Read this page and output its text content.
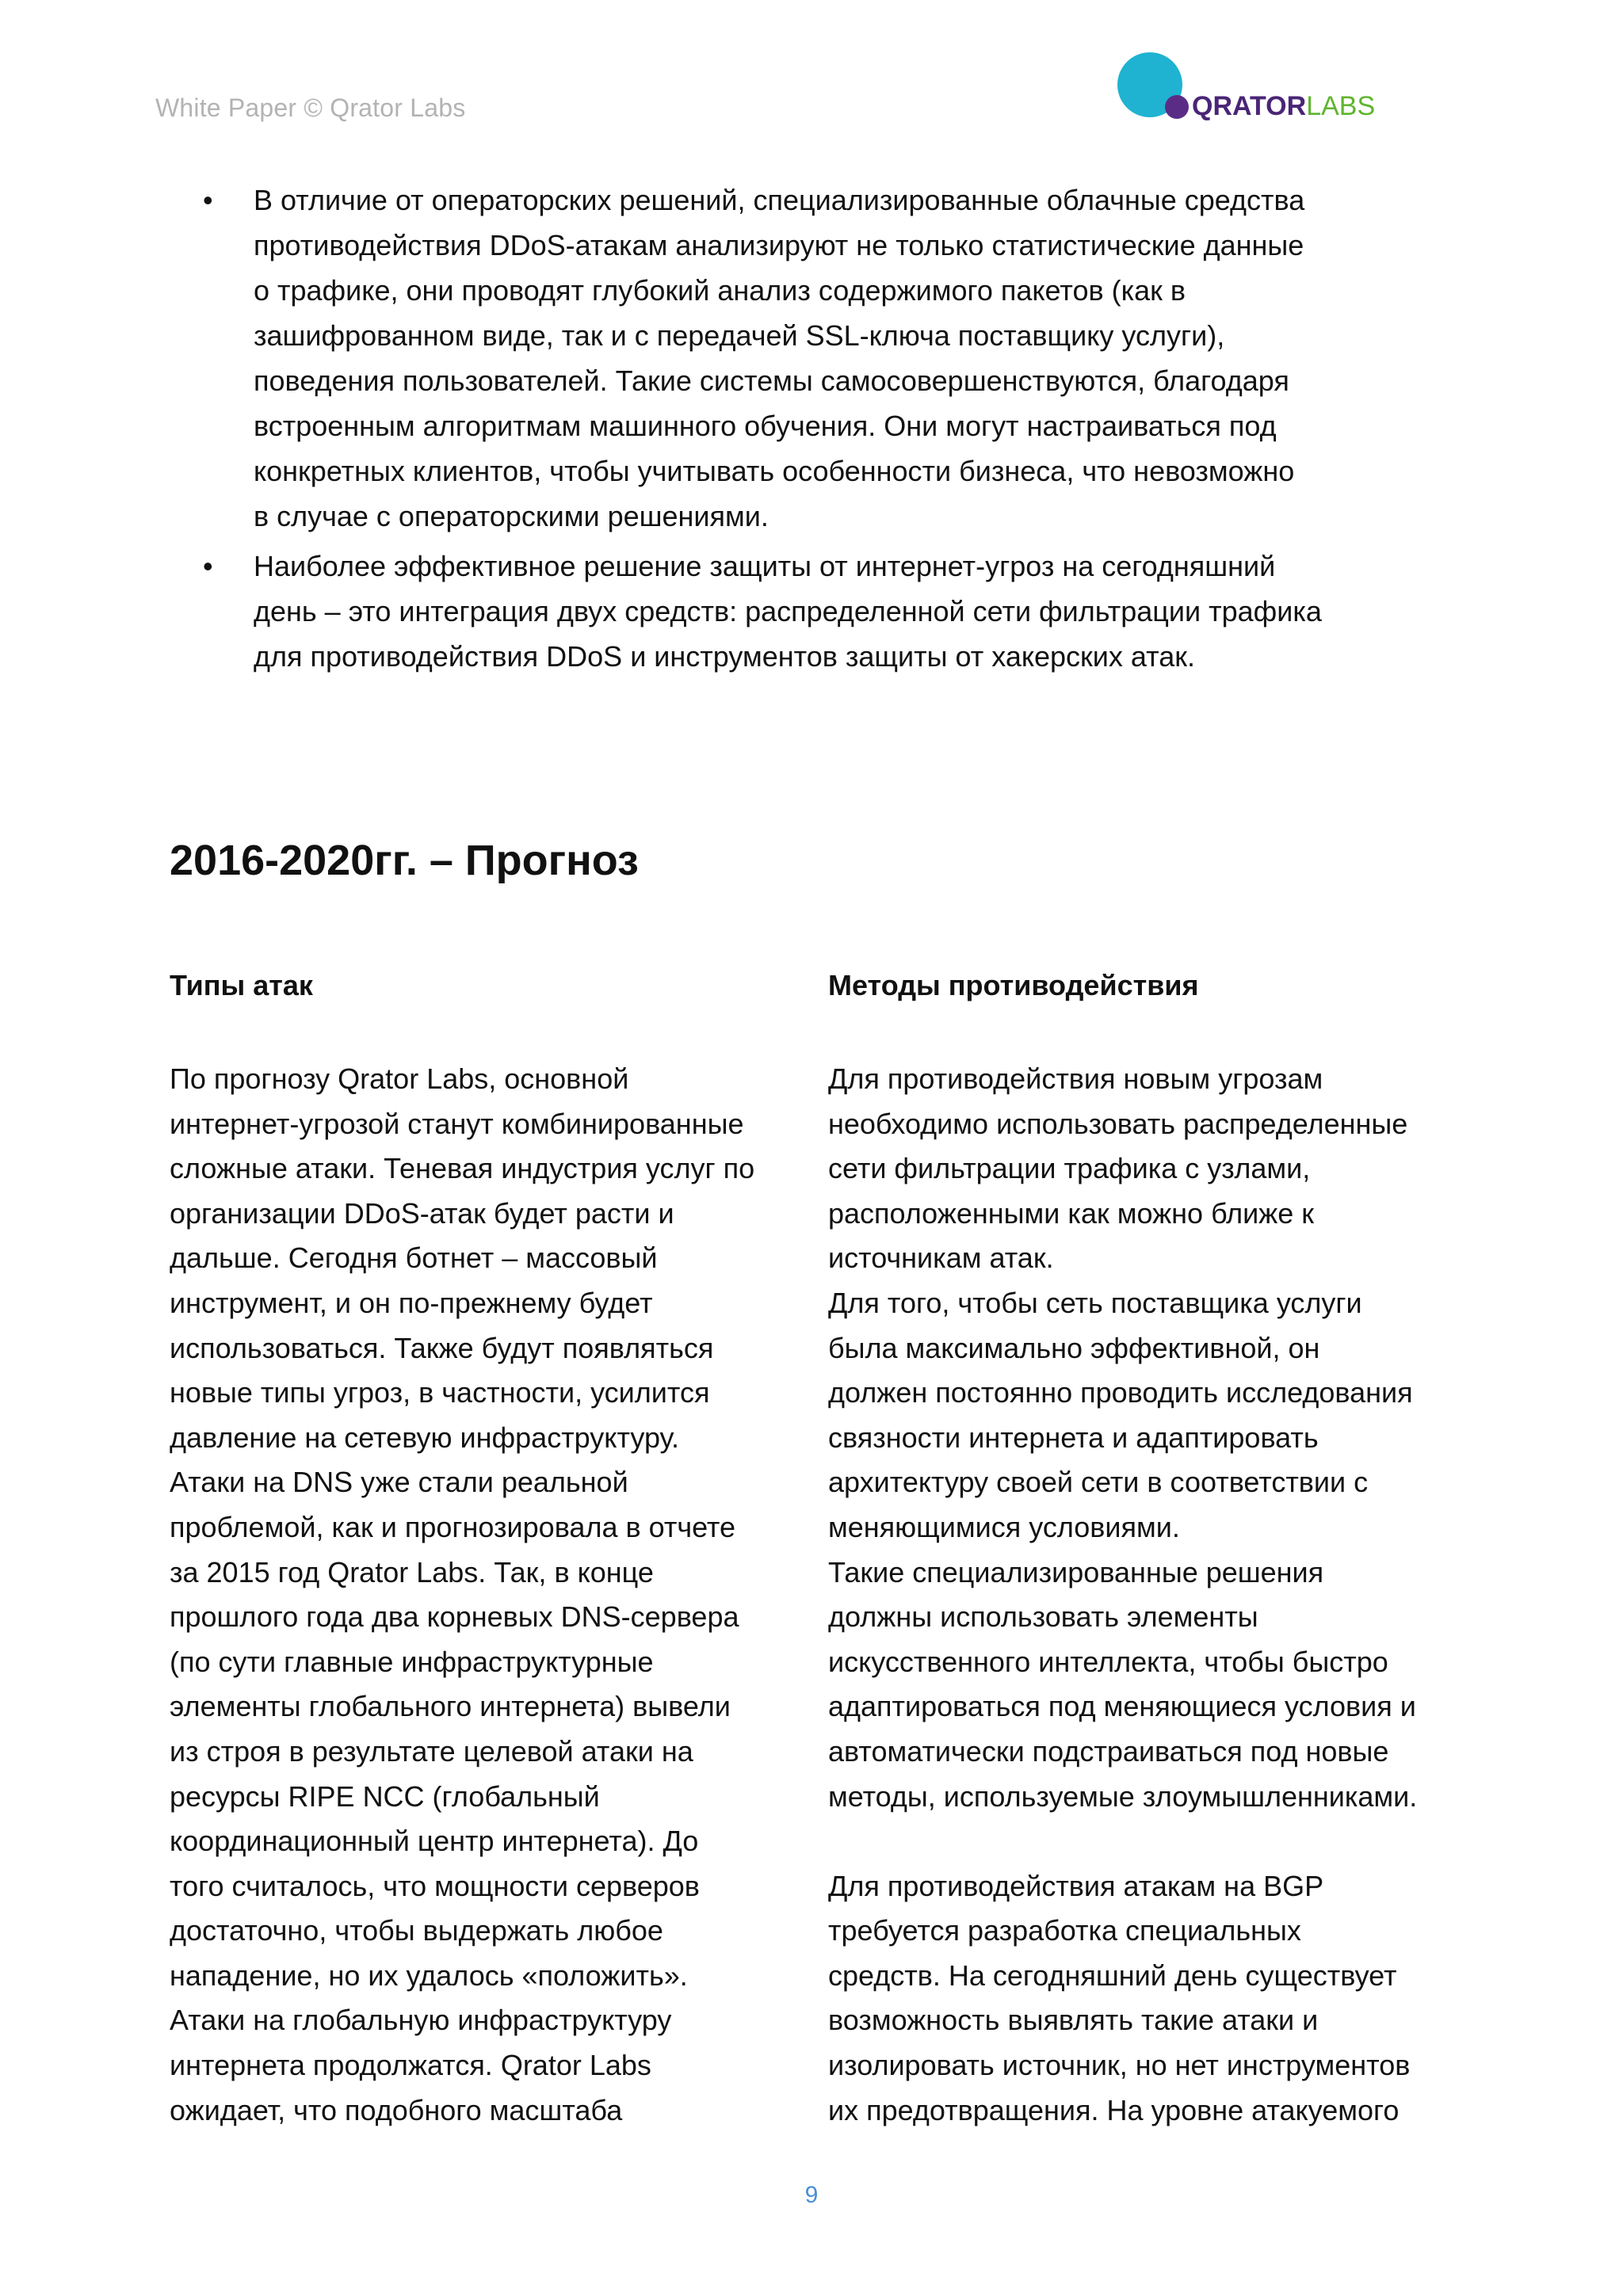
White Paper © Qrator Labs	QRATORLABS
• В отличие от операторских решений, специализированные облачные средства
противодействия DDoS-атакам анализируют не только статистические данные
о трафике, они проводят глубокий анализ содержимого пакетов (как в
зашифрованном виде, так и с передачей SSL-ключа поставщику услуги),
поведения пользователей. Такие системы самосовершенствуются, благодаря
встроенным алгоритмам машинного обучения. Они могут настраиваться под
конкретных клиентов, чтобы учитывать особенности бизнеса, что невозможно
в случае с операторскими решениями.
• Наиболее эффективное решение защиты от интернет-угроз на сегодняшний
день – это интеграция двух средств: распределенной сети фильтрации трафика
для противодействия DDoS и инструментов защиты от хакерских атак.
2016-2020гг. – Прогноз
Типы атак
По прогнозу Qrator Labs, основной
интернет-угрозой станут комбинированные
сложные атаки. Теневая индустрия услуг по
организации DDoS-атак будет расти и
дальше. Сегодня ботнет – массовый
инструмент, и он по-прежнему будет
использоваться. Также будут появляться
новые типы угроз, в частности, усилится
давление на сетевую инфраструктуру.
Атаки на DNS уже стали реальной
проблемой, как и прогнозировала в отчете
за 2015 год Qrator Labs. Так, в конце
прошлого года два корневых DNS-сервера
(по сути главные инфраструктурные
элементы глобального интернета) вывели
из строя в результате целевой атаки на
ресурсы RIPE NCC (глобальный
координационный центр интернета). До
того считалось, что мощности серверов
достаточно, чтобы выдержать любое
нападение, но их удалось «положить».
Атаки на глобальную инфраструктуру
интернета продолжатся. Qrator Labs
ожидает, что подобного масштаба
Методы противодействия
Для противодействия новым угрозам
необходимо использовать распределенные
сети фильтрации трафика с узлами,
расположенными как можно ближе к
источникам атак.
Для того, чтобы сеть поставщика услуги
была максимально эффективной, он
должен постоянно проводить исследования
связности интернета и адаптировать
архитектуру своей сети в соответствии с
меняющимися условиями.
Такие специализированные решения
должны использовать элементы
искусственного интеллекта, чтобы быстро
адаптироваться под меняющиеся условия и
автоматически подстраиваться под новые
методы, используемые злоумышленниками.
Для противодействия атакам на BGP
требуется разработка специальных
средств. На сегодняшний день существует
возможность выявлять такие атаки и
изолировать источник, но нет инструментов
их предотвращения. На уровне атакуемого
9
